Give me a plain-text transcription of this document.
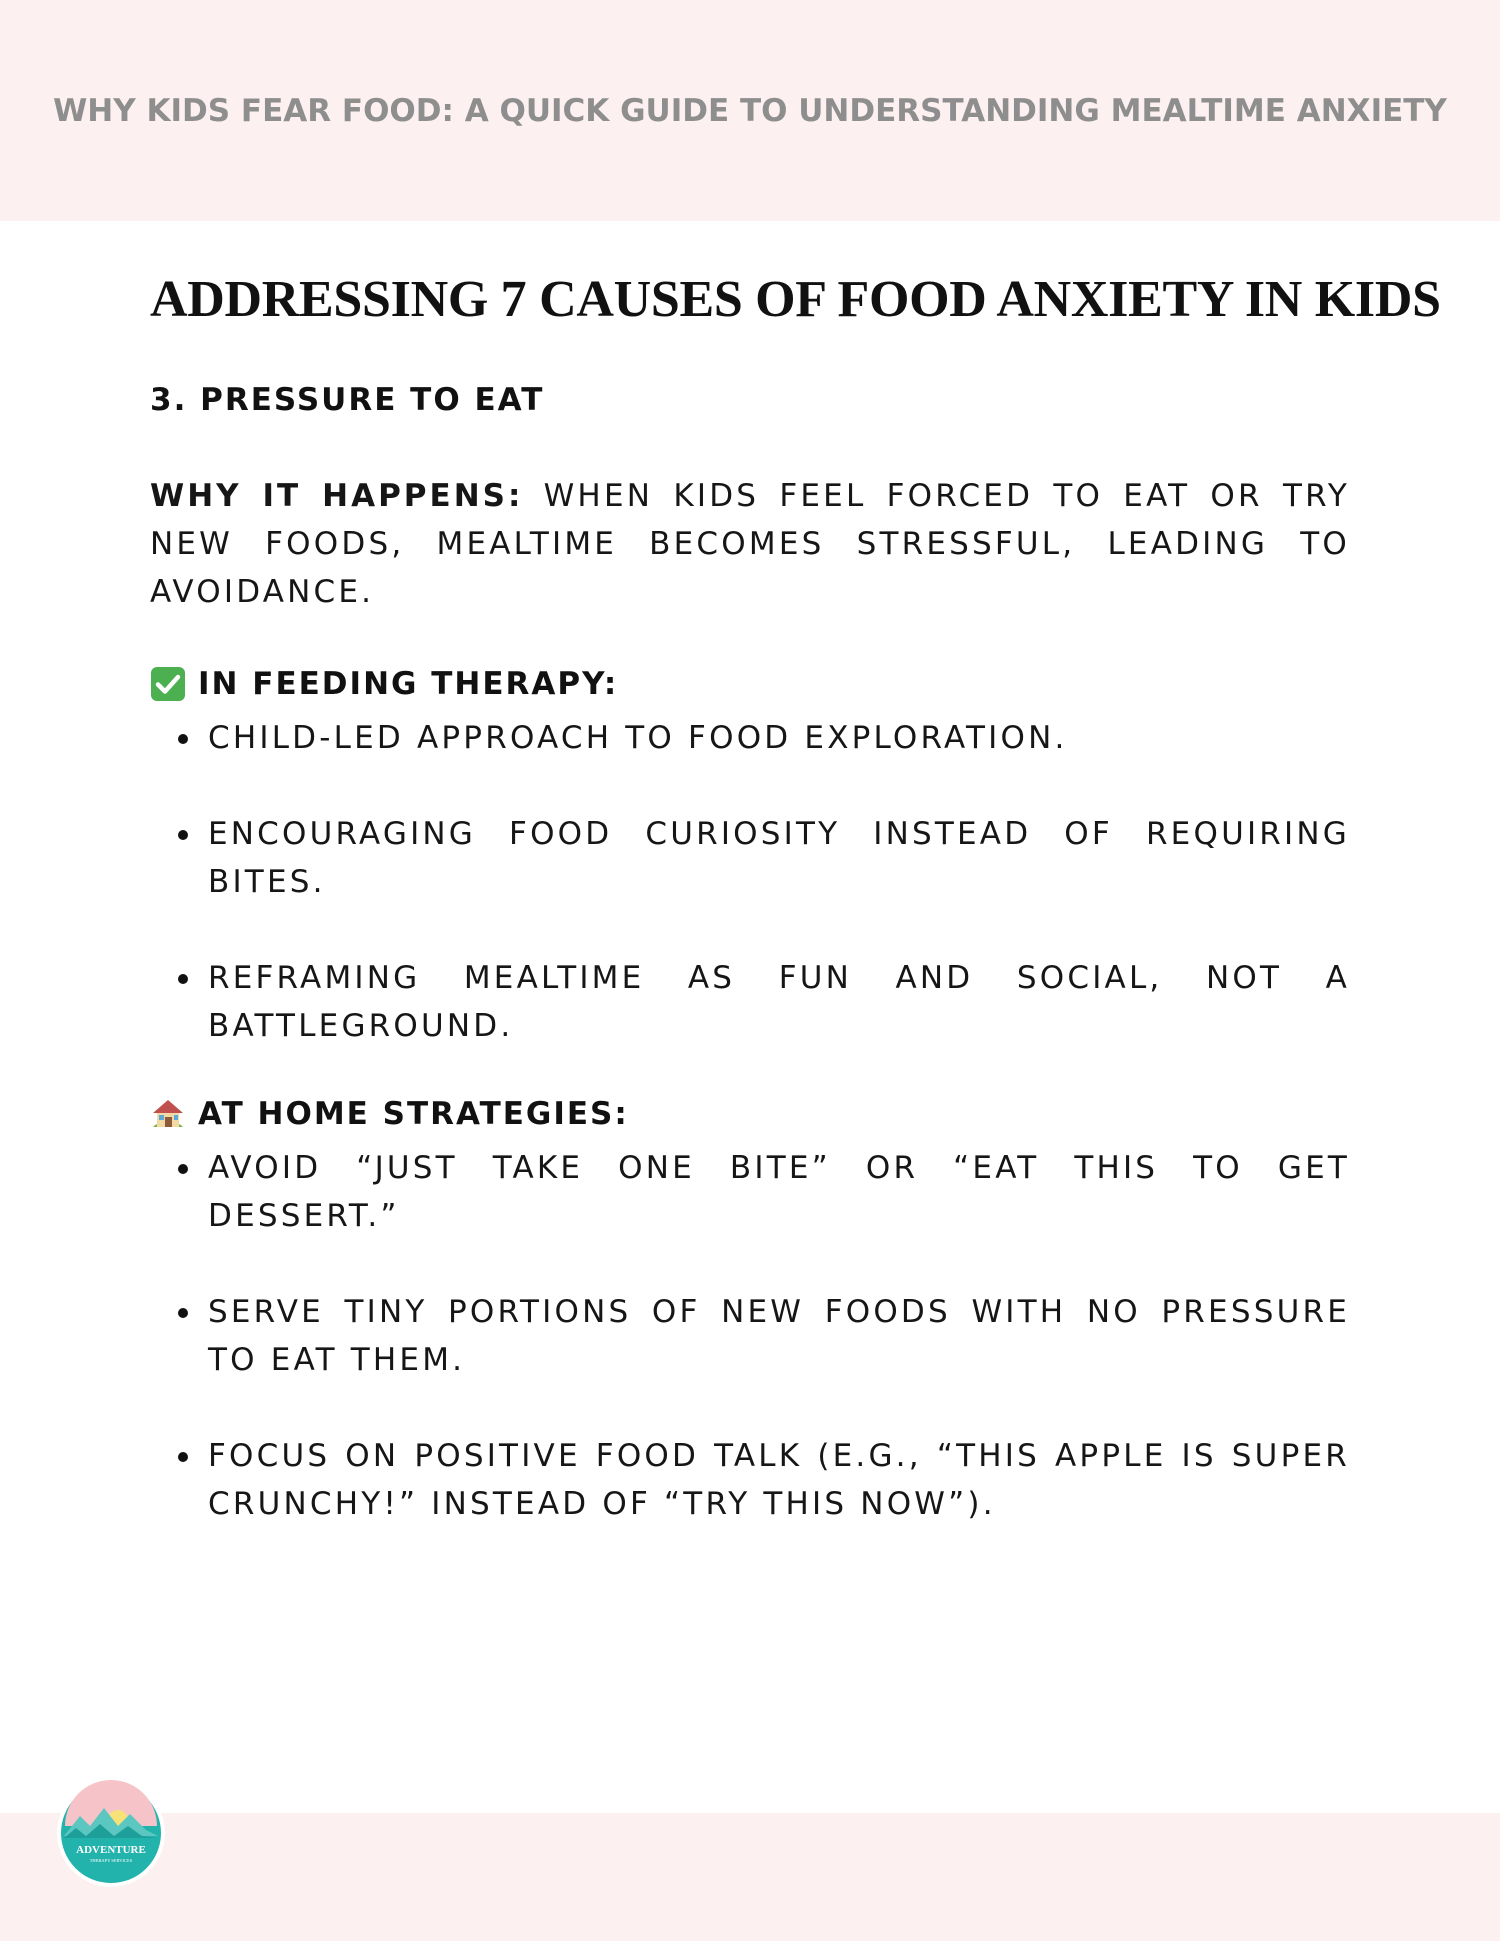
WHY KIDS FEAR FOOD: A QUICK GUIDE TO UNDERSTANDING MEALTIME ANXIETY
ADDRESSING 7 CAUSES OF FOOD ANXIETY IN KIDS
3. PRESSURE TO EAT
WHY IT HAPPENS: WHEN KIDS FEEL FORCED TO EAT OR TRY NEW FOODS, MEALTIME BECOMES STRESSFUL, LEADING TO AVOIDANCE.
IN FEEDING THERAPY:
CHILD-LED APPROACH TO FOOD EXPLORATION.
ENCOURAGING FOOD CURIOSITY INSTEAD OF REQUIRING BITES.
REFRAMING MEALTIME AS FUN AND SOCIAL, NOT A BATTLEGROUND.
AT HOME STRATEGIES:
AVOID “JUST TAKE ONE BITE” OR “EAT THIS TO GET DESSERT.”
SERVE TINY PORTIONS OF NEW FOODS WITH NO PRESSURE TO EAT THEM.
FOCUS ON POSITIVE FOOD TALK (E.G., “THIS APPLE IS SUPER CRUNCHY!” INSTEAD OF “TRY THIS NOW”).
ADVENTURE
THERAPY SERVICES
